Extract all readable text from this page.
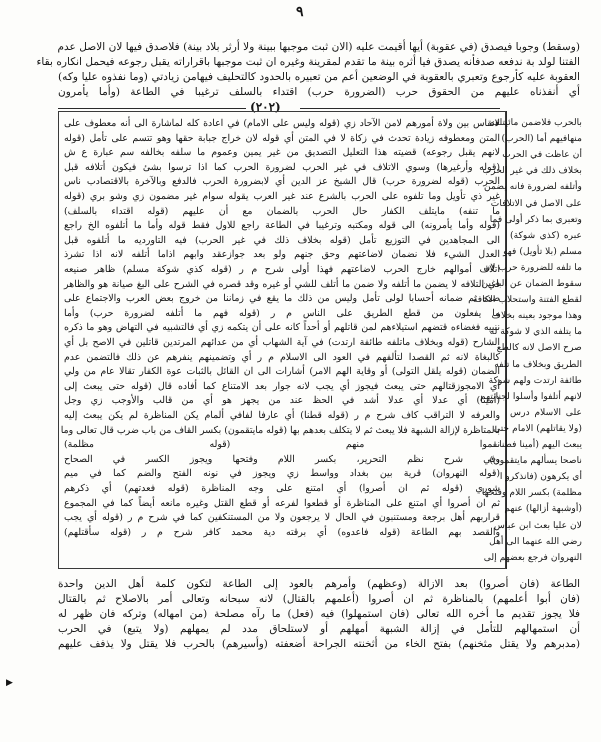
٩
(وسقط) وجوبا فيصدق (في عقوبة) أيها أقيمت عليه (الان ثبت موجبها ببينة ولا أرثر بلاد بينة) فلاصدق فيها لان الاصل عدم
الفتنا لولد بة ندفعه صدفأنه يصدق فيا أثره بينة ما تقدم لمقرينة وغيره ان ثبت موجبها باقراراته يقبل رجوعه فيحمل انكاره بقاء
العقوبة عليه كأرجوع وتعبري بالعقوبة في الوضعين أعم من تعبيره بالحدود كالتحليف فيهامن زيادتي (وما نفذوه عليا وكه)
أي أنفذناه عليهم من الحقوق حرب (الضرورة حرب) اقتداء بالسلف ترغيبا في الطاعة (وأما يأمرون
(٢٠٢)
لانقاس بين ولاة أمورهم لامن الآحاد زي (قوله وليس على الامام) في اعادة كله لماشارة الى أنه معطوف على
المتن ومعطوفه زيادة تحدث في زكاة لا في المتن أي قوله لان خراج جبابة حقها وهو تتسم على تأمل (قوله
لانهم يقبل رجوعه) قضيته هذا التعليل التصديق من غير يمين وعموم ما سلفه بخالفه سم عبارة ع ش
(قوله وأرغيرها) وسوي الاتلاف في غير الحرب لضرورة الحرب كما اذا ترسوا بشئ فيكون أتلافه قبل
الحرب (قوله لضرورة حرب) قال الشيخ عز الدين أي لابضرورة الحرب فالدفع وبالآخرة بالاقتصادب ناس
غير ذي تأويل وما تلفوه على الحرب بالشرع عند غير العرب يقوله سوام غير مضمون زي وشو بري (قوله
ما تنفه) مايتلف الكفار حال الحرب بالضمان مع أن عليهم (قوله اقتداء بالسلف)
(قوله وأما يأمرونه) الى قوله ومكتبه وترغيبا في الطاعة راجع للاول فقط قوله وأما ما أتلفوه الخ راجع
الى المجاهدين في التوزيع تأمل (قوله بخلاف ذلك في غير الحرب) فيه التاورديه ما أتلفوه قبل
العدل الشيء فلا نضمان لاضاعتهم وحق جنهم ولو بعد جوازعقد وابهم اذاما أتلفه لانه اذا تشرذ
اتلاف أموالهم خارج الحرب لاضاعتهم فهذا أولى شرح م ر (قوله كذي شوكة مسلم) ظاهر صنيعه
في التلافه لا يضمن ما أتلفه ولا ضمن ما أتلف للشي أو غيره وقد قصره في الشرح على البغ صيانة هو والظاهر
ضده ثم ضمانه أحسابا لولى تأمل وليس من ذلك ما يقع في زماننا من خروج بعض العرب والاجتماع على
ما يفعلون من قطع الطريق على الناس م ر (قوله فهم ما أتلفه لضرورة حرب) وأما
ننبيه فغضاءه قتضهم استيلاءهم لمن قاتلهم أو أحداً كانه على أن يتكمه زي أي فالتشبيه في التهاض وهو ما ذكره
الشارح (قوله وبخلاف ماتلفه طائفة ارتدت) في آية الشهاب أي من عدائهم المرتدين قاتلين في الاصح بل أي
كالبغاة لانه ثم القصدا لتألفهم في العود الى الاسلام م ر أي وتضمينهم ينفرهم عن ذلك فالتضمن عدم
الضمان (قوله يلقل التولى) أو وقاية الهم الامر) أشارات الى ان القائل بالثبات عوة الكفار تقالا عام من ولي
أي الامجوزقتالهم حتى يبعث فيجوز أي يجب لانه جوار بعد الامتناع كما أفاده قال (قوله حتى يبعث إلى
(أمينا) أي عدلا أي عدلا أشد في الحظ عند من يجهز هو أي من قالب والأوجب زي وجل
والعرفه لا التراقب كاف شرح م ر (قوله قطنا) أي عارفا لفافي ألمام يكن المناظرة لم يكن يبعث إليه
بالمتاظرة لإزالة الشبهة فلا يبعث ثم لا يتكلف بعدهم بها (قوله مايتقمون) بكسر القاف من باب ضرب قال تعالى وما
نقموا منهم (قوله مظلمة)
وفي شرح نظم التحرير، بكسر اللام وفتحها ويجوز الكسر في الصحاح
(قوله النهروان) قرية بين بغداد وواسط زي ويجوز في نونه الفتح والضم كما في ميم
شوري (قوله ثم ان أصروا) أي امتنع على وجه المناظرة (قوله فعدتهم) أي ذكرهم
ثم ان أصروا أي امتنع على المناظرة أو قطعوا لفرعه أو قطع القتل وغيره مانعه أيضاً كما في المجموع
قراربهم أهل برجعة ومستنبون في الحال لا يرجعون ولا من المستنكفين كما في شرح م ر (قوله أي يجب
والقصد بهم الطاعة (قوله فاعدوه) أي برقته دية محمد كافر شرح م ر (قوله سأقتلهم)
بالحرب فلاضمن مائيتلفه
منهافيهم أما (الحرب)
أن عاظت في الحرب
بخلاف ذلك في غير الحرب
وأتلفه لضرورة فانه يضمن
على الاصل في الاتلافات
وتعبري بما ذكر أولى فما
عبره (كذي شوكة)
مسلم (بلا تأويل) فهو
ما تلفه للضرورة حرب لان
سقوط الضمان عن الباغين
لقطع الفتنة واستحلاب الكافة
وهذا موجود بعينه بخلاف
ما يتلفه الذي لا شوكة له
صرح الاصل لانه كالطع
الطريق وبخلاف ما تلفه
طائفة ارتدت ولهم شوكة
لانهم أتلفوا وأسلوا لجنايتهم
على الاسلام درس
(ولا يقاتلهم) الامام حتى
يبعث اليهم (أمينا فطنا
ناصحا يسألهم مايتقمون)
أي يكرهون (فانذكرو ا
مظلمة) بكسر اللام وفتحها
(أوشبهة أزالها) عنهم
لان عليا بعث ابن عباس
رضي الله عنهما الى أهل
النهروان فرجع بعضهم إلى
الطاعة (فان أصروا) بعد الازالة (وعظهم) وأمرهم بالعود إلى الطاعة لتكون كلمة أهل الدين واحدة
(فان أبوا أعلمهم) بالمناظرة ثم ان أصروا (أعلمهم بالقتال) لانه سبحانه وتعالى أمر بالاصلاح ثم بالقتال
فلا يجوز تقديم ما أخره الله تعالى (فان استمهلوا) فيه (فعل) ما رآه مصلحة (من امهاله) وتركه فان ظهر له
أن استمهالهم للتأمل في إزالة الشبهة أمهلهم أو لاستلحاق مدد لم يمهلهم (ولا يتبع) في الحرب
(مدبرهم ولا يقتل مثخنهم) بفتح الخاء من أثخنته الجراحة أضعفته (وأسيرهم) بالحرب فلا يقتل ولا يذفف عليهم
▶
